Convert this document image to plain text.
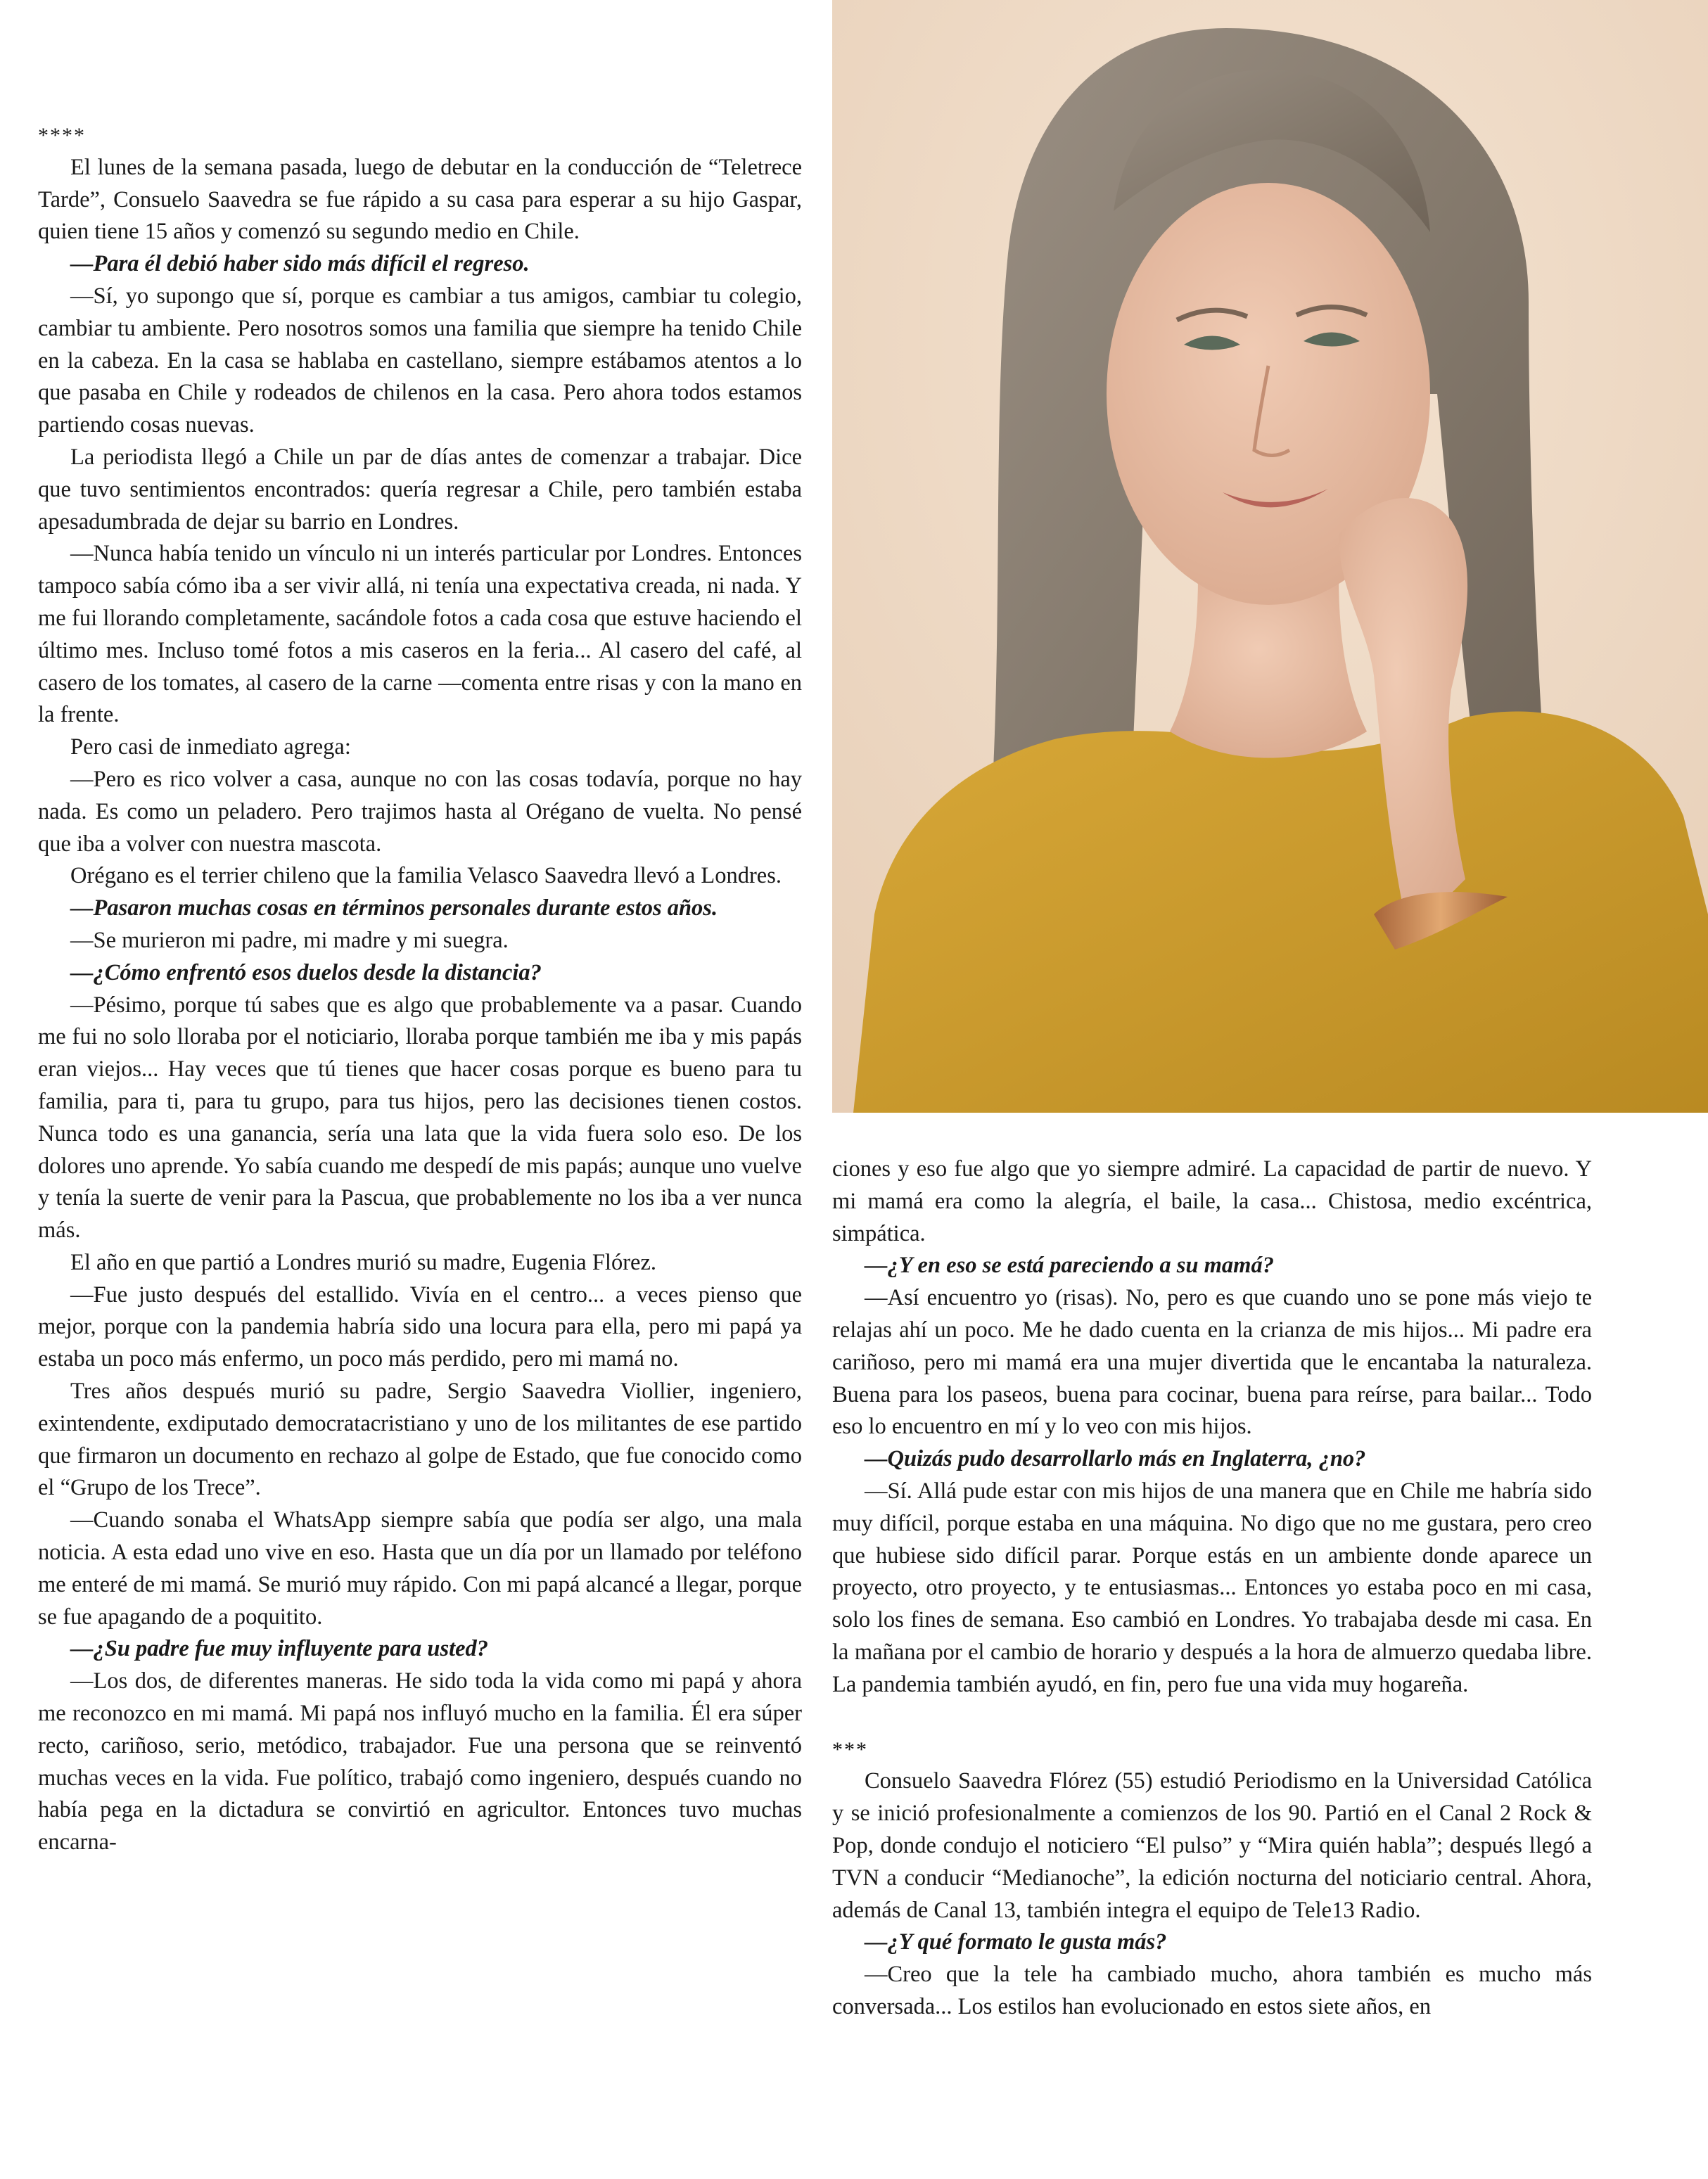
****

El lunes de la semana pasada, luego de debutar en la conducción de “Teletrece Tarde”, Consuelo Saavedra se fue rápido a su casa para esperar a su hijo Gaspar, quien tiene 15 años y comenzó su segundo medio en Chile.

—Para él debió haber sido más difícil el regreso.

—Sí, yo supongo que sí, porque es cambiar a tus amigos, cambiar tu colegio, cambiar tu ambiente. Pero nosotros somos una familia que siempre ha tenido Chile en la cabeza. En la casa se hablaba en castellano, siempre estábamos atentos a lo que pasaba en Chile y rodeados de chilenos en la casa. Pero ahora todos estamos partiendo cosas nuevas.

La periodista llegó a Chile un par de días antes de comenzar a trabajar. Dice que tuvo sentimientos encontrados: quería regresar a Chile, pero también estaba apesadumbrada de dejar su barrio en Londres.

—Nunca había tenido un vínculo ni un interés particular por Londres. Entonces tampoco sabía cómo iba a ser vivir allá, ni tenía una expectativa creada, ni nada. Y me fui llorando completamente, sacándole fotos a cada cosa que estuve haciendo el último mes. Incluso tomé fotos a mis caseros en la feria... Al casero del café, al casero de los tomates, al casero de la carne —comenta entre risas y con la mano en la frente.

Pero casi de inmediato agrega:

—Pero es rico volver a casa, aunque no con las cosas todavía, porque no hay nada. Es como un peladero. Pero trajimos hasta al Orégano de vuelta. No pensé que iba a volver con nuestra mascota.

Orégano es el terrier chileno que la familia Velasco Saavedra llevó a Londres.

—Pasaron muchas cosas en términos personales durante estos años.

—Se murieron mi padre, mi madre y mi suegra.

—¿Cómo enfrentó esos duelos desde la distancia?

—Pésimo, porque tú sabes que es algo que probablemente va a pasar. Cuando me fui no solo lloraba por el noticiario, lloraba porque también me iba y mis papás eran viejos... Hay veces que tú tienes que hacer cosas porque es bueno para tu familia, para ti, para tu grupo, para tus hijos, pero las decisiones tienen costos. Nunca todo es una ganancia, sería una lata que la vida fuera solo eso. De los dolores uno aprende. Yo sabía cuando me despedí de mis papás; aunque uno vuelve y tenía la suerte de venir para la Pascua, que probablemente no los iba a ver nunca más.

El año en que partió a Londres murió su madre, Eugenia Flórez.

—Fue justo después del estallido. Vivía en el centro... a veces pienso que mejor, porque con la pandemia habría sido una locura para ella, pero mi papá ya estaba un poco más enfermo, un poco más perdido, pero mi mamá no.

Tres años después murió su padre, Sergio Saavedra Viollier, ingeniero, exintendente, exdiputado democratacristiano y uno de los militantes de ese partido que firmaron un documento en rechazo al golpe de Estado, que fue conocido como el “Grupo de los Trece”.

—Cuando sonaba el WhatsApp siempre sabía que podía ser algo, una mala noticia. A esta edad uno vive en eso. Hasta que un día por un llamado por teléfono me enteré de mi mamá. Se murió muy rápido. Con mi papá alcancé a llegar, porque se fue apagando de a poquitito.

—¿Su padre fue muy influyente para usted?

—Los dos, de diferentes maneras. He sido toda la vida como mi papá y ahora me reconozco en mi mamá. Mi papá nos influyó mucho en la familia. Él era súper recto, cariñoso, serio, metódico, trabajador. Fue una persona que se reinventó muchas veces en la vida. Fue político, trabajó como ingeniero, después cuando no había pega en la dictadura se convirtió en agricultor. Entonces tuvo muchas encarna-

ciones y eso fue algo que yo siempre admiré. La capacidad de partir de nuevo. Y mi mamá era como la alegría, el baile, la casa... Chistosa, medio excéntrica, simpática.

—¿Y en eso se está pareciendo a su mamá?

—Así encuentro yo (risas). No, pero es que cuando uno se pone más viejo te relajas ahí un poco. Me he dado cuenta en la crianza de mis hijos... Mi padre era cariñoso, pero mi mamá era una mujer divertida que le encantaba la naturaleza. Buena para los paseos, buena para cocinar, buena para reírse, para bailar... Todo eso lo encuentro en mí y lo veo con mis hijos.

—Quizás pudo desarrollarlo más en Inglaterra, ¿no?

—Sí. Allá pude estar con mis hijos de una manera que en Chile me habría sido muy difícil, porque estaba en una máquina. No digo que no me gustara, pero creo que hubiese sido difícil parar. Porque estás en un ambiente donde aparece un proyecto, otro proyecto, y te entusiasmas... Entonces yo estaba poco en mi casa, solo los fines de semana. Eso cambió en Londres. Yo trabajaba desde mi casa. En la mañana por el cambio de horario y después a la hora de almuerzo quedaba libre. La pandemia también ayudó, en fin, pero fue una vida muy hogareña.

***

Consuelo Saavedra Flórez (55) estudió Periodismo en la Universidad Católica y se inició profesionalmente a comienzos de los 90. Partió en el Canal 2 Rock & Pop, donde condujo el noticiero “El pulso” y “Mira quién habla”; después llegó a TVN a conducir “Medianoche”, la edición nocturna del noticiario central. Ahora, además de Canal 13, también integra el equipo de Tele13 Radio.

—¿Y qué formato le gusta más?

—Creo que la tele ha cambiado mucho, ahora también es mucho más conversada... Los estilos han evolucionado en estos siete años, en
